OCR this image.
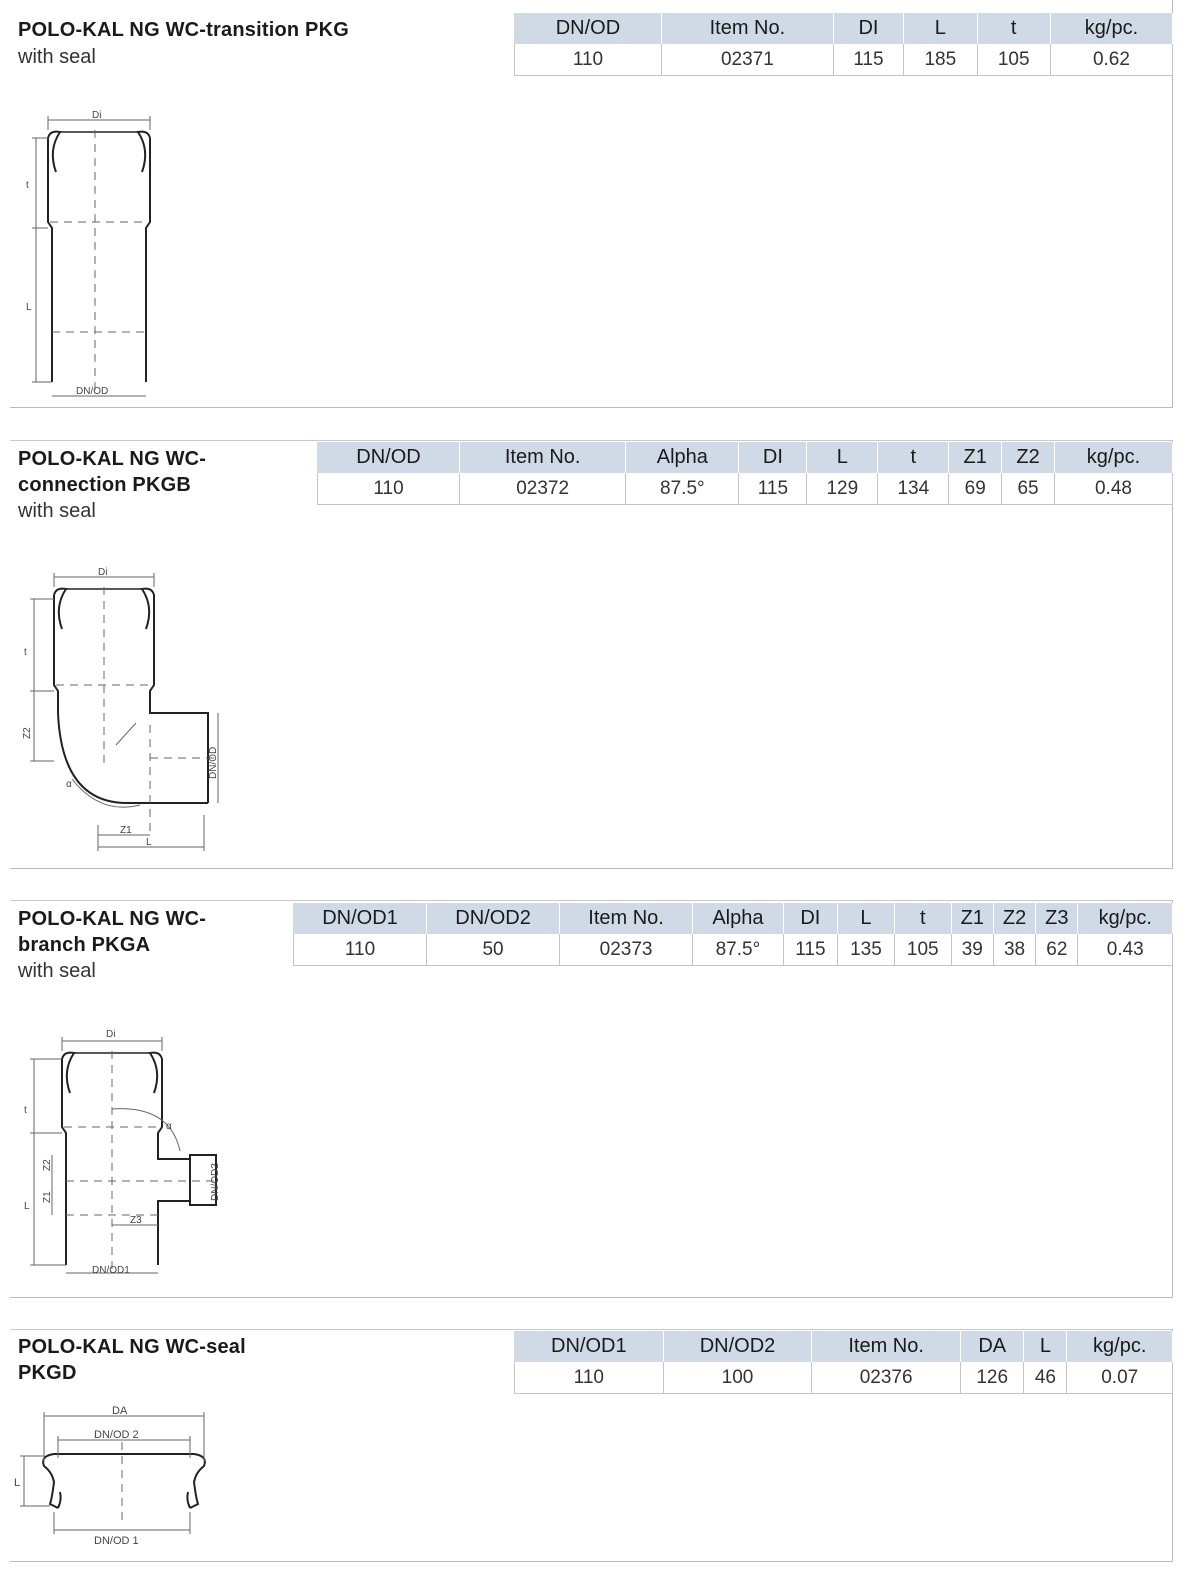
POLO-KAL NG WC-transition PKG
with seal
DN/OD	Item No.	DI	L	t	kg/pc.
110	02371	115	185	105	0.62
Di
t
L
DN/OD
POLO-KAL NG WC-
connection PKGB
with seal
DN/OD	Item No.	Alpha	DI	L	t	Z1	Z2	kg/pc.
110	02372	87.5°	115	129	134	69	65	0.48
Di
t
Z2
α
Z1
L
DN/OD
POLO-KAL NG WC-
branch PKGA
with seal
DN/OD1	DN/OD2	Item No.	Alpha	DI	L	t	Z1	Z2	Z3	kg/pc.
110	50	02373	87.5°	115	135	105	39	38	62	0.43
Di
t
L
Z1
Z2
Z3
α
DN/OD2
DN/OD1
POLO-KAL NG WC-seal
PKGD
DN/OD1	DN/OD2	Item No.	DA	L	kg/pc.
110	100	02376	126	46	0.07
DA
DN/OD 2
L
DN/OD 1
